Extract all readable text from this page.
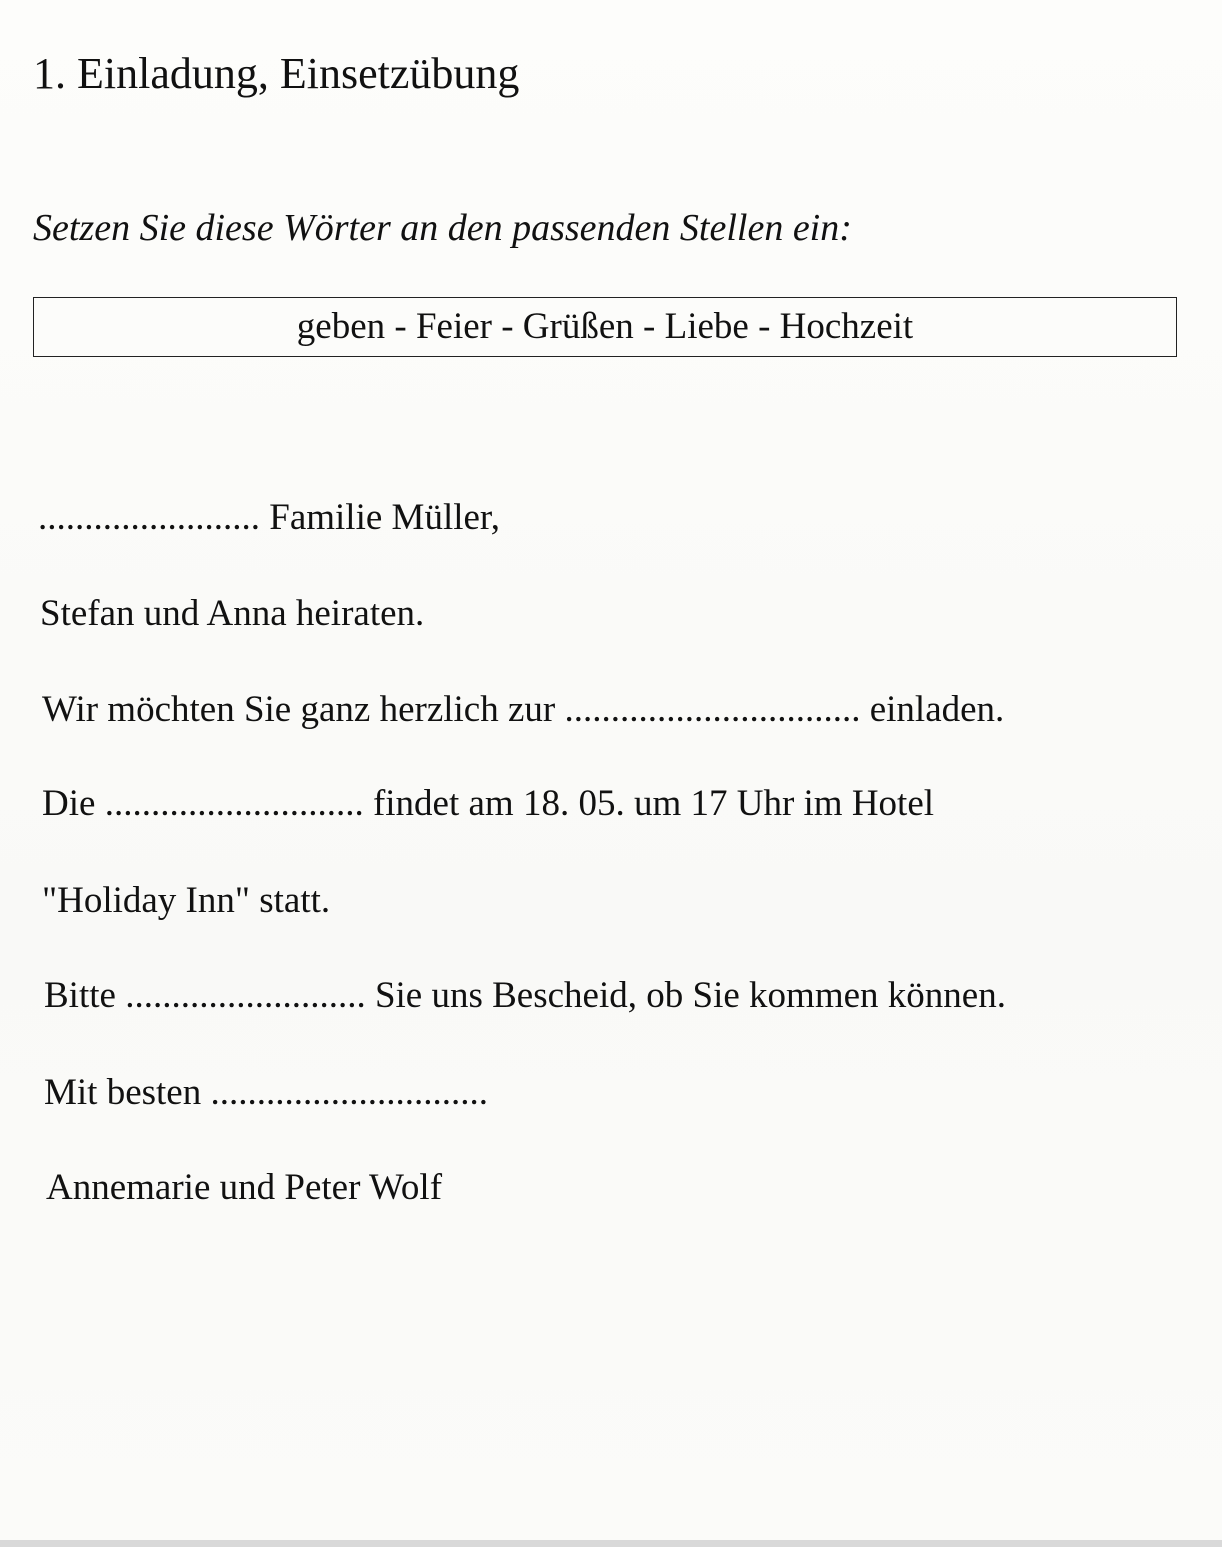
1. Einladung, Einsetzübung
Setzen Sie diese Wörter an den passenden Stellen ein:
geben - Feier - Grüßen - Liebe - Hochzeit
........................ Familie Müller,
Stefan und Anna heiraten.
Wir möchten Sie ganz herzlich zur ................................ einladen.
Die ............................ findet am 18. 05. um 17 Uhr im Hotel
"Holiday Inn" statt.
Bitte .......................... Sie uns Bescheid, ob Sie kommen können.
Mit besten ..............................
Annemarie und Peter Wolf
